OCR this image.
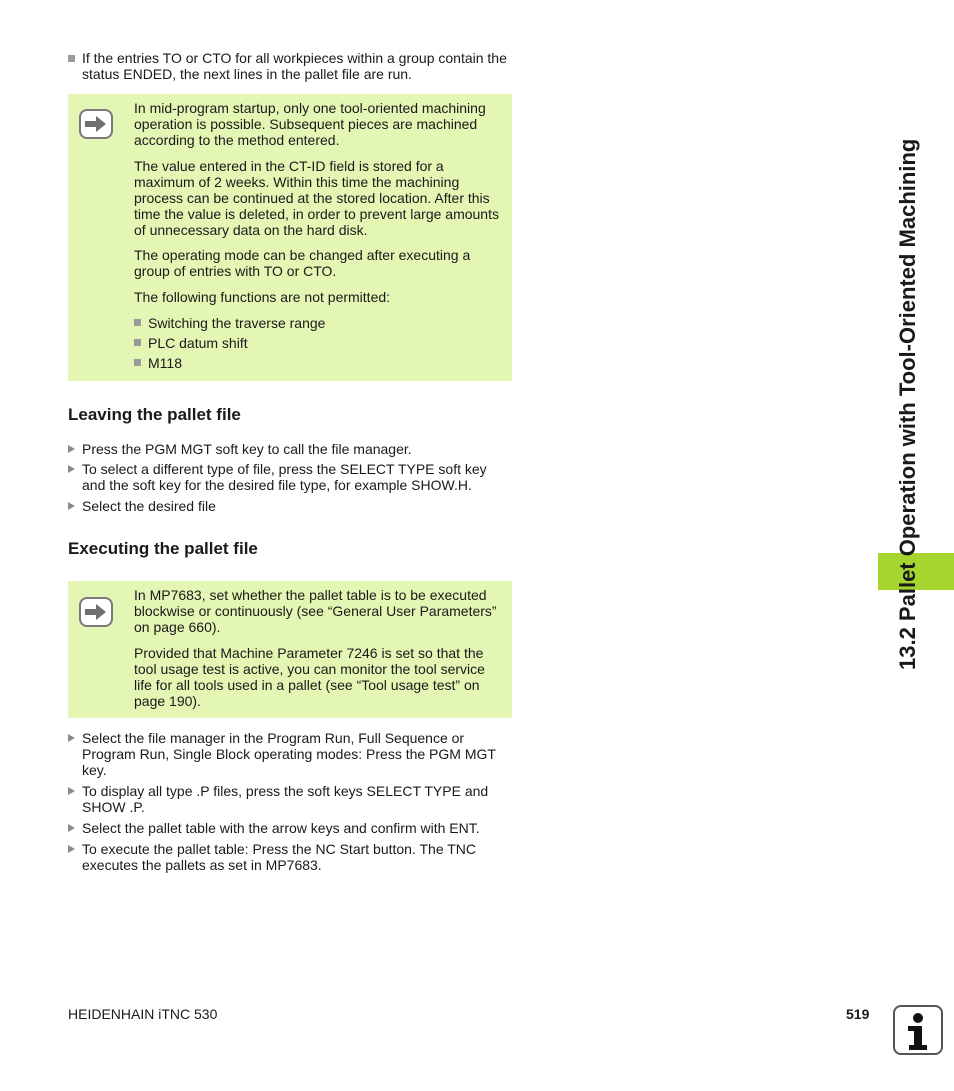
If the entries TO or CTO for all workpieces within a group contain the status ENDED, the next lines in the pallet file are run.

In mid-program startup, only one tool-oriented machining operation is possible. Subsequent pieces are machined according to the method entered.

The value entered in the CT-ID field is stored for a maximum of 2 weeks. Within this time the machining process can be continued at the stored location. After this time the value is deleted, in order to prevent large amounts of unnecessary data on the hard disk.

The operating mode can be changed after executing a group of entries with TO or CTO.

The following functions are not permitted:

Switching the traverse range

PLC datum shift

M118

Leaving the pallet file
Press the PGM MGT soft key to call the file manager.
To select a different type of file, press the SELECT TYPE soft key and the soft key for the desired file type, for example SHOW.H.
Select the desired file
Executing the pallet file

In MP7683, set whether the pallet table is to be executed blockwise or continuously (see “General User Parameters” on page 660).

Provided that Machine Parameter 7246 is set so that the tool usage test is active, you can monitor the tool service life for all tools used in a pallet (see “Tool usage test” on page 190).

Select the file manager in the Program Run, Full Sequence or Program Run, Single Block operating modes: Press the PGM MGT key.
To display all type .P files, press the soft keys SELECT TYPE and SHOW .P.
Select the pallet table with the arrow keys and confirm with ENT.
To execute the pallet table: Press the NC Start button. The TNC executes the pallets as set in MP7683.
13.2 Pallet Operation with Tool-Oriented Machining
HEIDENHAIN iTNC 530	519
